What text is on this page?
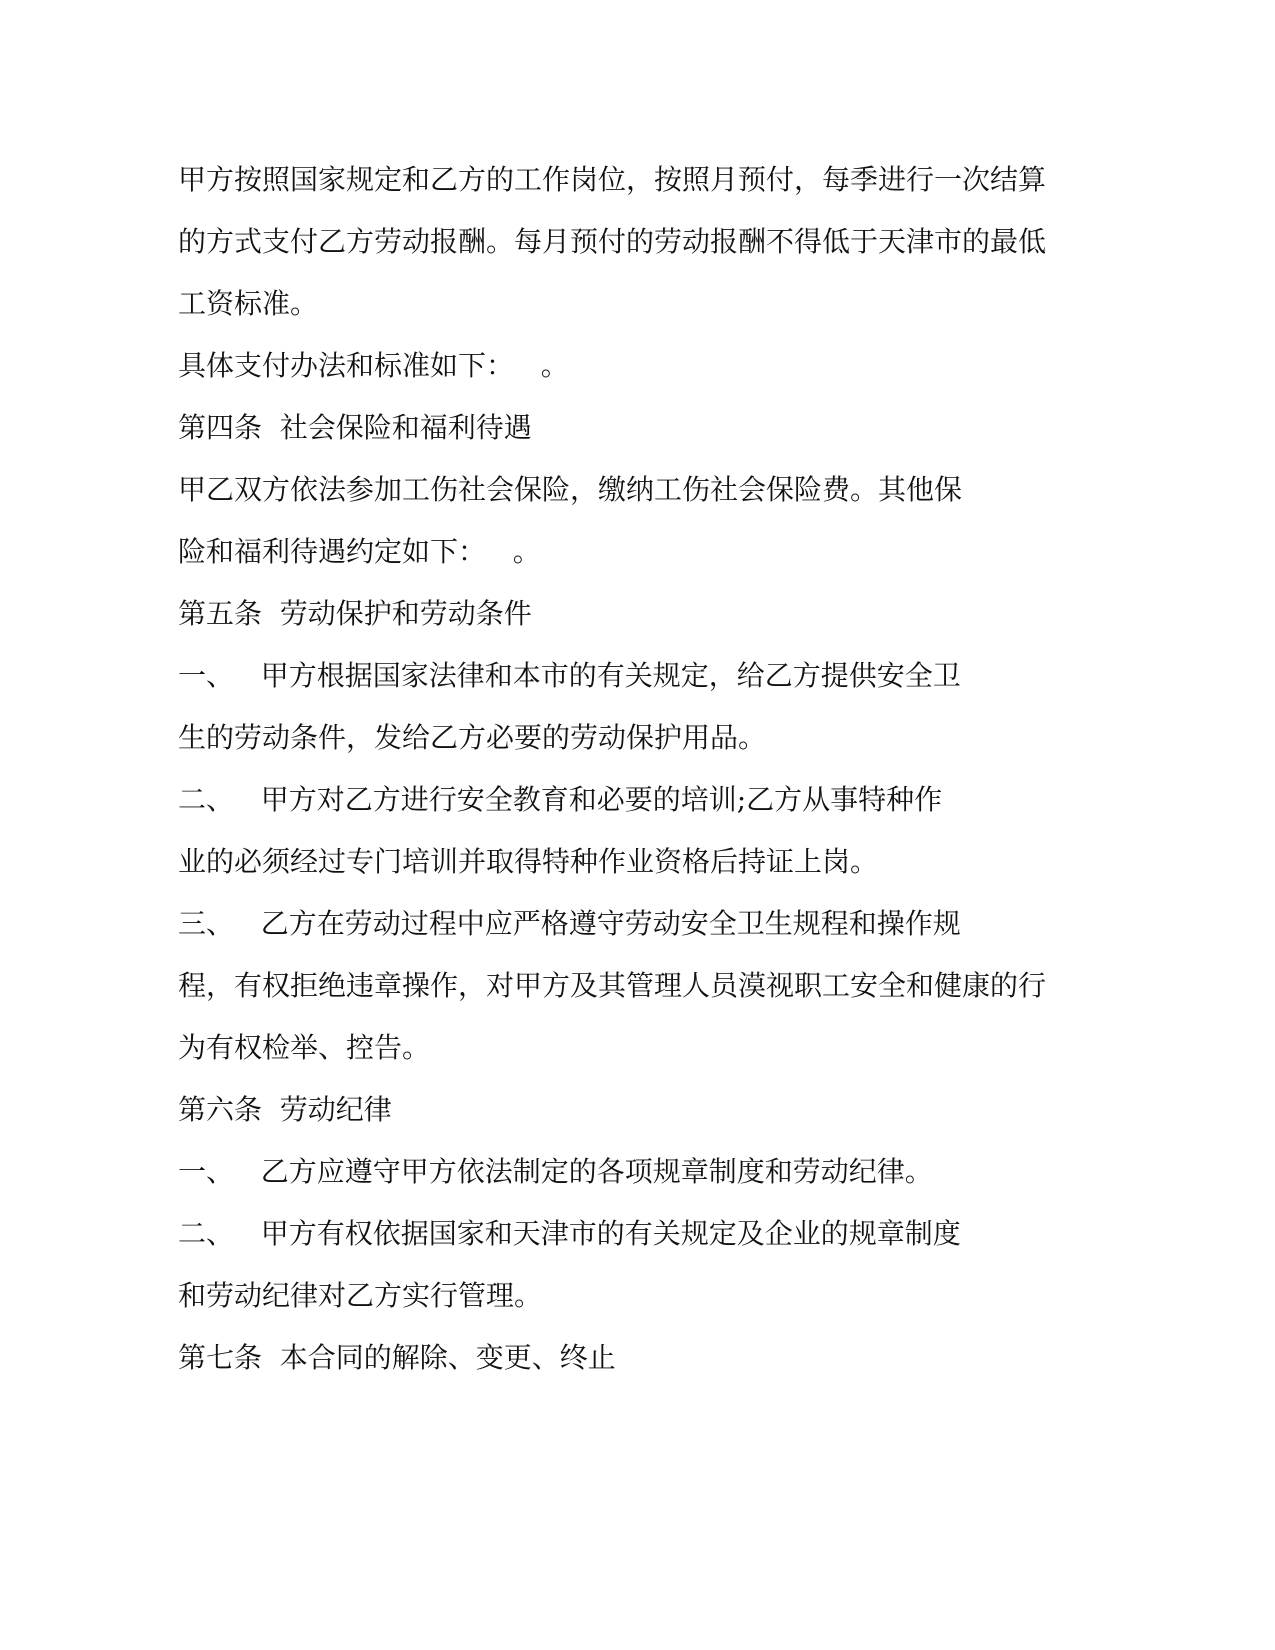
甲方按照国家规定和乙方的工作岗位，按照月预付，每季进行一次结算

的方式支付乙方劳动报酬。每月预付的劳动报酬不得低于天津市的最低

工资标准。

具体支付办法和标准如下：   。

第四条  社会保险和福利待遇

甲乙双方依法参加工伤社会保险，缴纳工伤社会保险费。其他保

险和福利待遇约定如下：   。

第五条  劳动保护和劳动条件

一、   甲方根据国家法律和本市的有关规定，给乙方提供安全卫

生的劳动条件，发给乙方必要的劳动保护用品。

二、   甲方对乙方进行安全教育和必要的培训;乙方从事特种作

业的必须经过专门培训并取得特种作业资格后持证上岗。

三、   乙方在劳动过程中应严格遵守劳动安全卫生规程和操作规

程，有权拒绝违章操作，对甲方及其管理人员漠视职工安全和健康的行

为有权检举、控告。

第六条  劳动纪律

一、   乙方应遵守甲方依法制定的各项规章制度和劳动纪律。

二、   甲方有权依据国家和天津市的有关规定及企业的规章制度

和劳动纪律对乙方实行管理。

第七条  本合同的解除、变更、终止
